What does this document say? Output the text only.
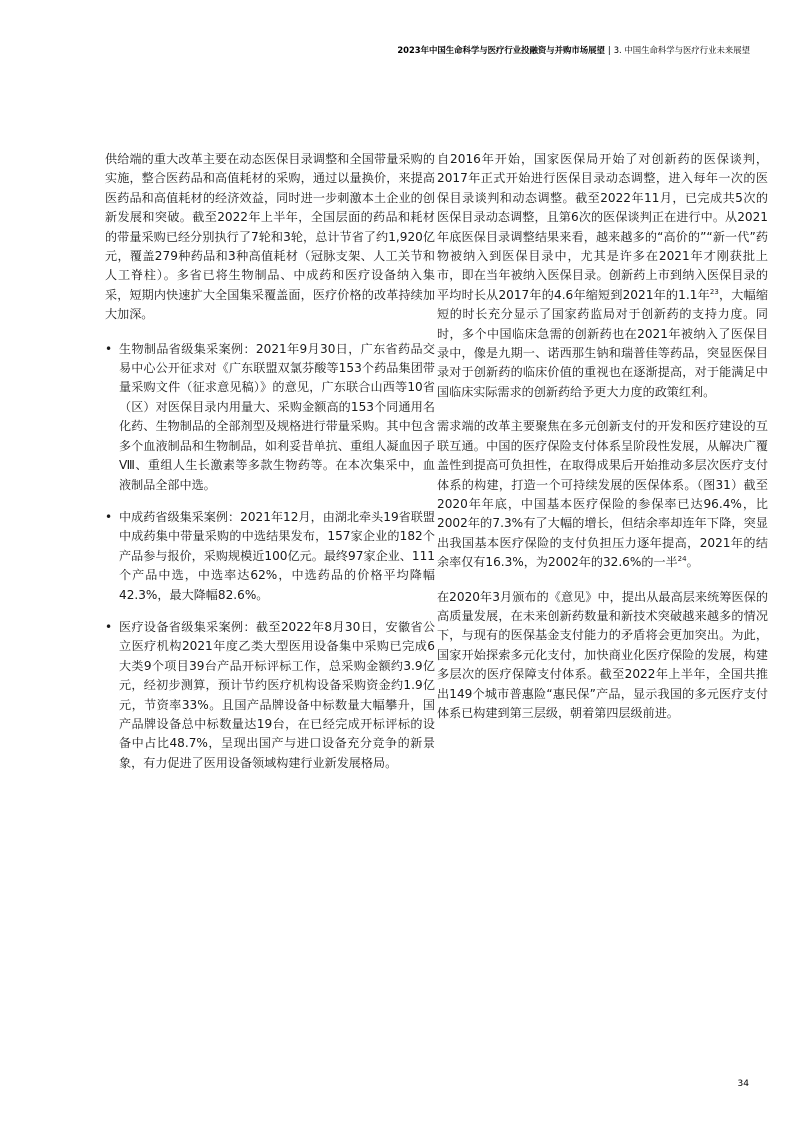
2023年中国生命科学与医疗行业投融资与并购市场展望 | 3. 中国生命科学与医疗行业未来展望

供给端的重大改革主要在动态医保目录调整和全国带量采购的实施，整合医药品和高值耗材的采购，通过以量换价，来提高医药品和高值耗材的经济效益，同时进一步刺激本土企业的创新发展和突破。截至2022年上半年，全国层面的药品和耗材的带量采购已经分别执行了7轮和3轮，总计节省了约1,920亿元，覆盖279种药品和3种高值耗材（冠脉支架、人工关节和人工脊柱）。多省已将生物制品、中成药和医疗设备纳入集采，短期内快速扩大全国集采覆盖面，医疗价格的改革持续加大加深。

• 生物制品省级集采案例：2021年9月30日，广东省药品交易中心公开征求对《广东联盟双氯芬酸等153个药品集团带量采购文件（征求意见稿）》的意见，广东联合山西等10省（区）对医保目录内用量大、采购金额高的153个同通用名化药、生物制品的全部剂型及规格进行带量采购。其中包含多个血液制品和生物制品，如利妥昔单抗、重组人凝血因子Ⅷ、重组人生长激素等多款生物药等。在本次集采中，血液制品全部中选。
• 中成药省级集采案例：2021年12月，由湖北牵头19省联盟中成药集中带量采购的中选结果发布，157家企业的182个产品参与报价，采购规模近100亿元。最终97家企业、111个产品中选，中选率达62%，中选药品的价格平均降幅42.3%，最大降幅82.6%。
• 医疗设备省级集采案例：截至2022年8月30日，安徽省公立医疗机构2021年度乙类大型医用设备集中采购已完成6大类9个项目39台产品开标评标工作，总采购金额约3.9亿元，经初步测算，预计节约医疗机构设备采购资金约1.9亿元，节资率33%。且国产品牌设备中标数量大幅攀升，国产品牌设备总中标数量达19台，在已经完成开标评标的设备中占比48.7%，呈现出国产与进口设备充分竞争的新景象，有力促进了医用设备领域构建行业新发展格局。

自2016年开始，国家医保局开始了对创新药的医保谈判，2017年正式开始进行医保目录动态调整，进入每年一次的医保目录谈判和动态调整。截至2022年11月，已完成共5次的医保目录动态调整，且第6次的医保谈判正在进行中。从2021年底医保目录调整结果来看，越来越多的“高价的”“新一代”药物被纳入到医保目录中，尤其是许多在2021年才刚获批上市，即在当年被纳入医保目录。创新药上市到纳入医保目录的平均时长从2017年的4.6年缩短到2021年的1.1年$^{23}$，大幅缩短的时长充分显示了国家药监局对于创新药的支持力度。同时，多个中国临床急需的创新药也在2021年被纳入了医保目录中，像是九期一、诺西那生钠和瑞普佳等药品，突显医保目录对于创新药的临床价值的重视也在逐渐提高，对于能满足中国临床实际需求的创新药给予更大力度的政策红利。

需求端的改革主要聚焦在多元创新支付的开发和医疗建设的互联互通。中国的医疗保险支付体系呈阶段性发展，从解决广覆盖性到提高可负担性，在取得成果后开始推动多层次医疗支付体系的构建，打造一个可持续发展的医保体系。（图31）截至2020年年底，中国基本医疗保险的参保率已达96.4%，比2002年的7.3%有了大幅的增长，但结余率却连年下降，突显出我国基本医疗保险的支付负担压力逐年提高，2021年的结余率仅有16.3%，为2002年的32.6%的一半$^{24}$。

在2020年3月颁布的《意见》中，提出从最高层来统筹医保的高质量发展，在未来创新药数量和新技术突破越来越多的情况下，与现有的医保基金支付能力的矛盾将会更加突出。为此，国家开始探索多元化支付，加快商业化医疗保险的发展，构建多层次的医疗保障支付体系。截至2022年上半年，全国共推出149个城市普惠险“惠民保”产品，显示我国的多元医疗支付体系已构建到第三层级，朝着第四层级前进。

34
